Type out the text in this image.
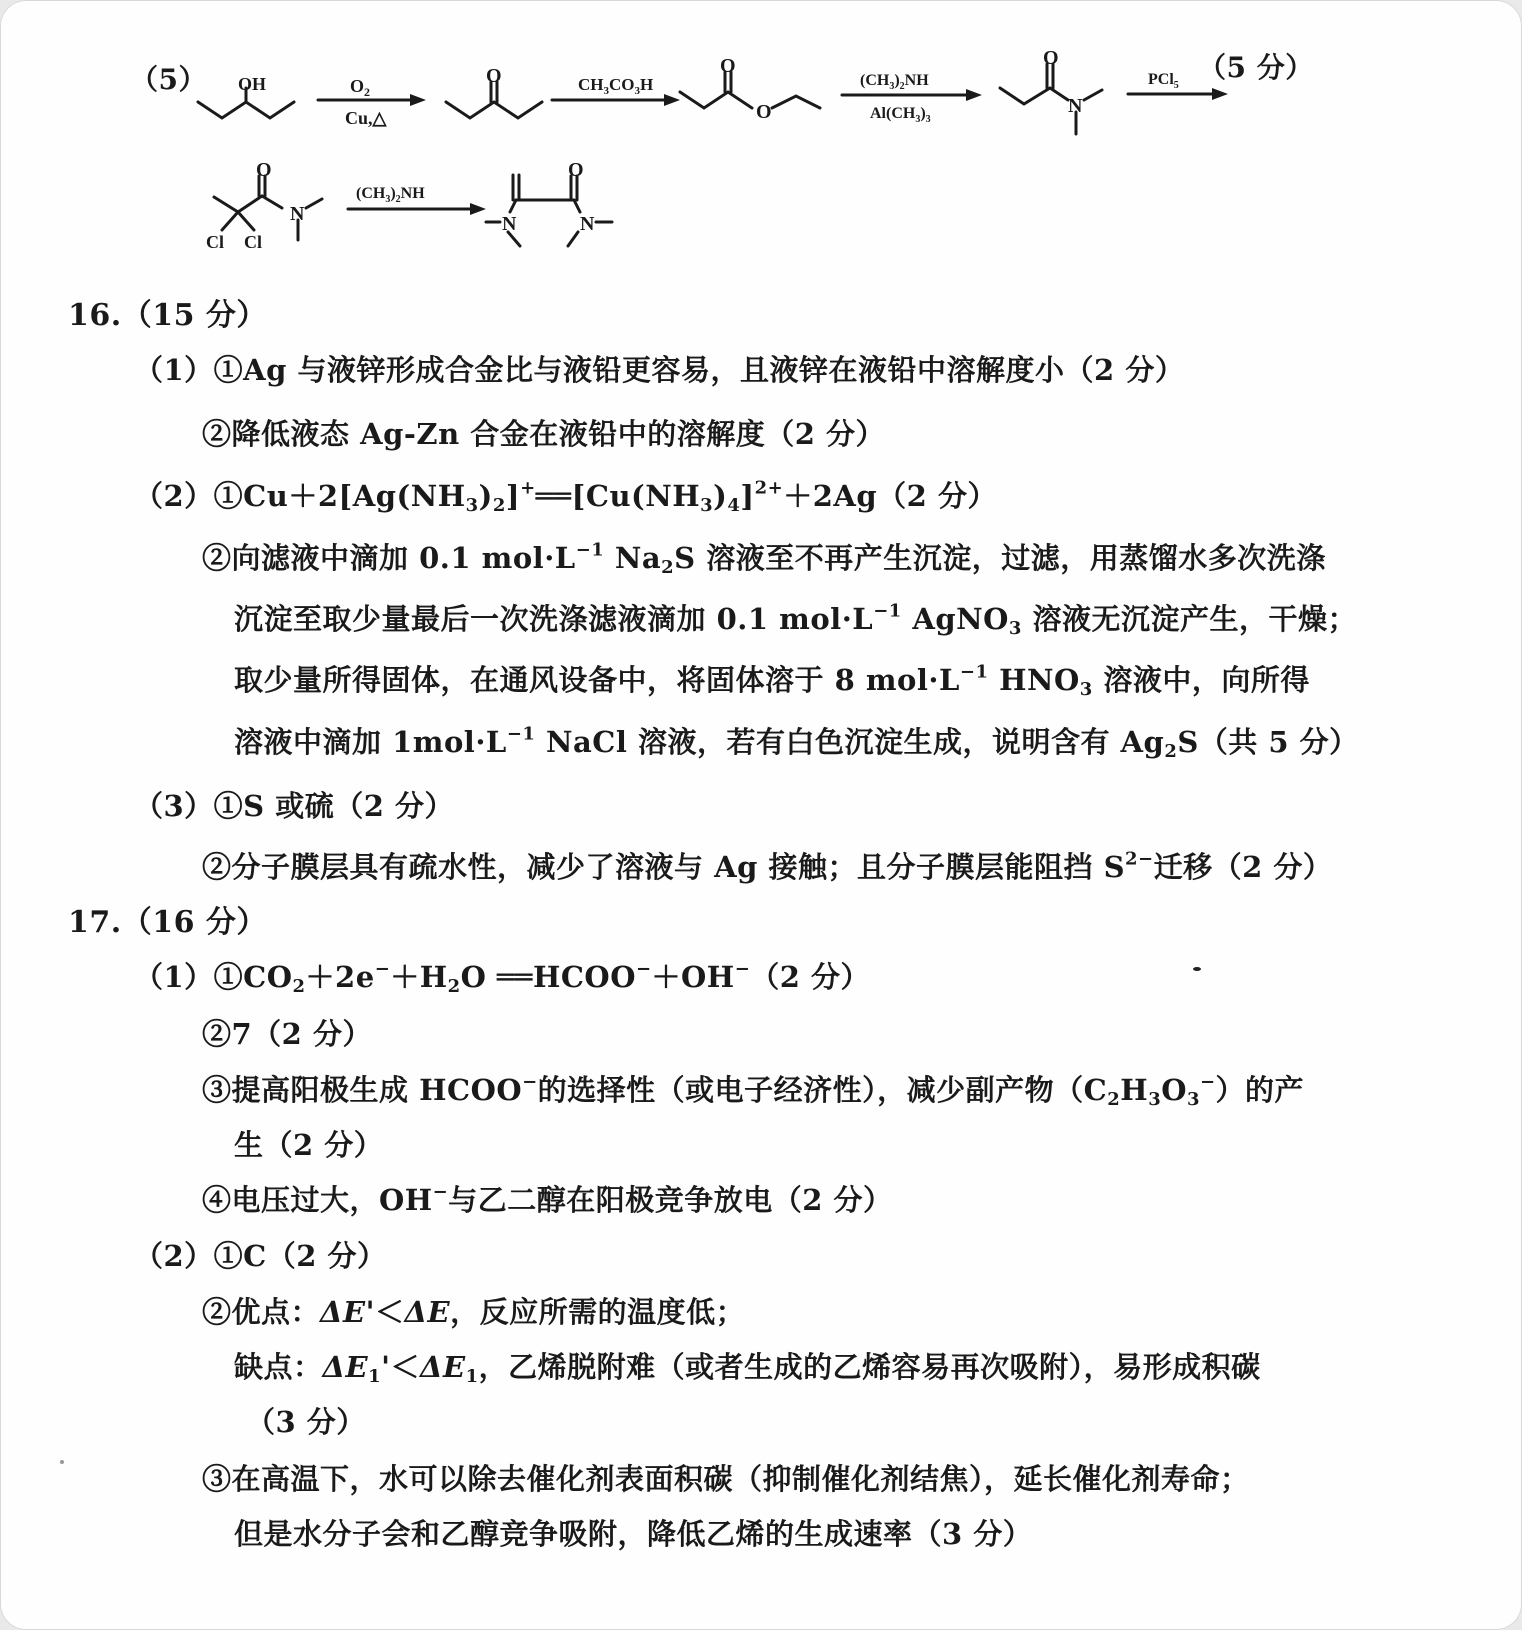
（5）	（5 分）
OH	O	O
O
O
N
O
N
Cl Cl
O
N	N
$O_2$
Cu,△
$CH_3CO_3H$	$(CH_3)_2NH$
$Al(CH_3)_3$
PCl$_5$
$(CH_3)_2NH$
16.（15 分）
（1）①Ag 与液锌形成合金比与液铅更容易，且液锌在液铅中溶解度小（2 分）
②降低液态 Ag-Zn 合金在液铅中的溶解度（2 分）
$(2)①Cu+2[Ag(NH_3)_2]^+══[Cu(NH_3)_4]^{2+}+2Ag(2$ 分）
②向滤液中滴加 0.1 $mol\cdot L^{-1}$ $Na_2S$ 溶液至不再产生沉淀，过滤，用蒸馏水多次洗涤
沉淀至取少量最后一次洗涤滤液滴加 0.1 $mol\cdot L^{-1}$ AgNO$_3$ 溶液无沉淀产生，干燥；
取少量所得固体，在通风设备中，将固体溶于 8 $mol\cdot L^{-1}$ $HNO_3$ 溶液中，向所得
溶液中滴加 $1mol\cdot L^{-1}$ NaCl 溶液，若有白色沉淀生成，说明含有 $Ag_2S$（共 5 分）
（3）①S 或硫（2 分）
②分子膜层具有疏水性，减少了溶液与 Ag 接触；且分子膜层能阻挡 $S^{2-}$迁移（2 分）
17.（16 分）
$(1)①CO_2+2e^-+H_2O$ ══HCOO−＋OH−（2 分）
②7（2 分）
③提高阳极生成 HCOO−的选择性（或电子经济性），减少副产物$(C_2H_3O_3^-)$的产
生（2 分）
④电压过大，OH−与乙二醇在阳极竞争放电（2 分）
（2）①C（2 分）
②优点：ΔE'＜ΔE，反应所需的温度低；
缺点：$\Delta E_1'<\Delta E_1$，乙烯脱附难（或者生成的乙烯容易再次吸附），易形成积碳
（3 分）
③在高温下，水可以除去催化剂表面积碳（抑制催化剂结焦），延长催化剂寿命；
但是水分子会和乙醇竞争吸附，降低乙烯的生成速率（3 分）
